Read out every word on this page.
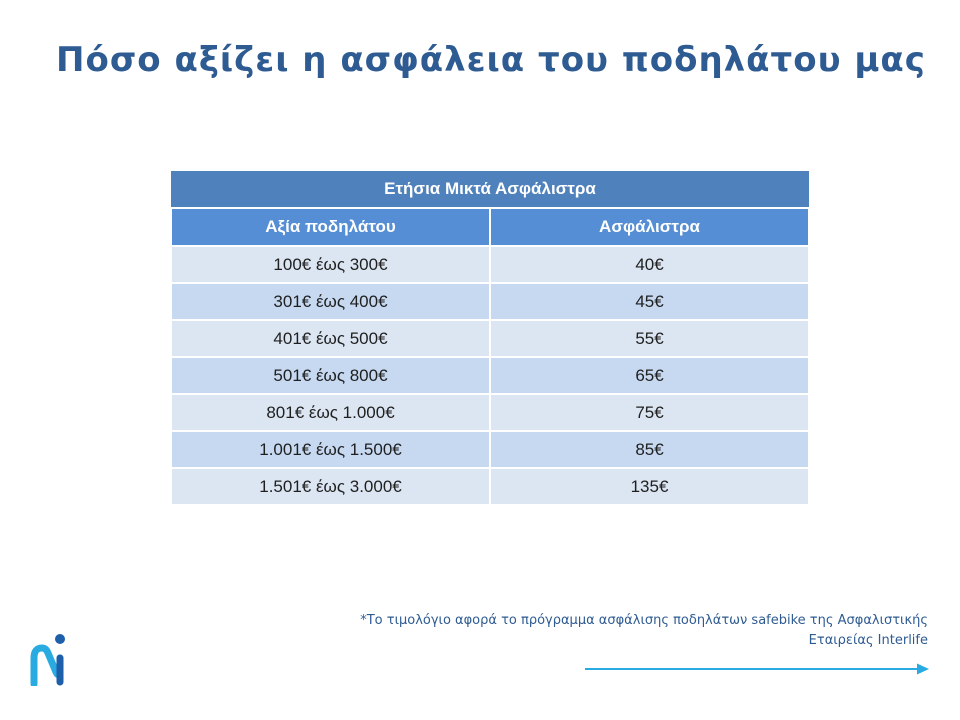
Πόσο αξίζει η ασφάλεια του ποδηλάτου μας
Ετήσια Μικτά Ασφάλιστρα	
Αξία ποδηλάτου	Ασφάλιστρα
100€ έως 300€	40€
301€ έως 400€	45€
401€ έως 500€	55€
501€ έως 800€	65€
801€ έως 1.000€	75€
1.001€ έως 1.500€	85€
1.501€ έως 3.000€	135€
*Το τιμολόγιο αφορά το πρόγραμμα ασφάλισης ποδηλάτων safebike της Ασφαλιστικής
Εταιρείας Interlife
